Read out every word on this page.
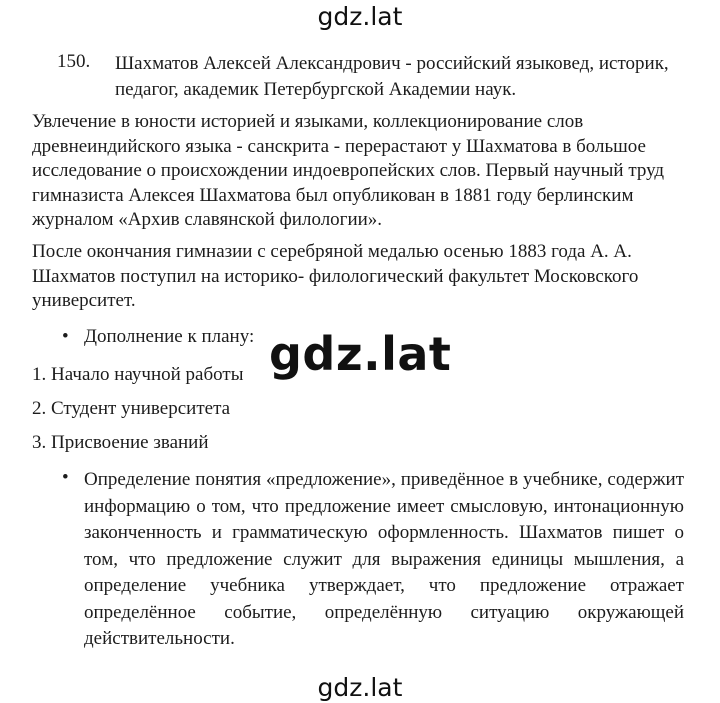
gdz.lat
150. Шахматов Алексей Александрович - российский языковед, историк, педагог, академик Петербургской Академии наук.
Увлечение в юности историей и языками, коллекционирование слов древнеиндийского языка - санскрита - перерастают у Шахматова в большое исследование о происхождении индоевропейских слов. Первый научный труд гимназиста Алексея Шахматова был опубликован в 1881 году берлинским журналом «Архив славянской филологии».
После окончания гимназии с серебряной медалью осенью 1883 года А. А. Шахматов поступил на историко- филологический факультет Московского университет.
• Дополнение к плану: gdz.lat
1. Начало научной работы
2. Студент университета
3. Присвоение званий
• Определение понятия «предложение», приведённое в учебнике, содержит информацию о том, что предложение имеет смысловую, интонационную законченность и грамматическую оформленность. Шахматов пишет о том, что предложение служит для выражения единицы мышления, а определение учебника утверждает, что предложение отражает определённое событие, определённую ситуацию окружающей действительности.
gdz.lat
